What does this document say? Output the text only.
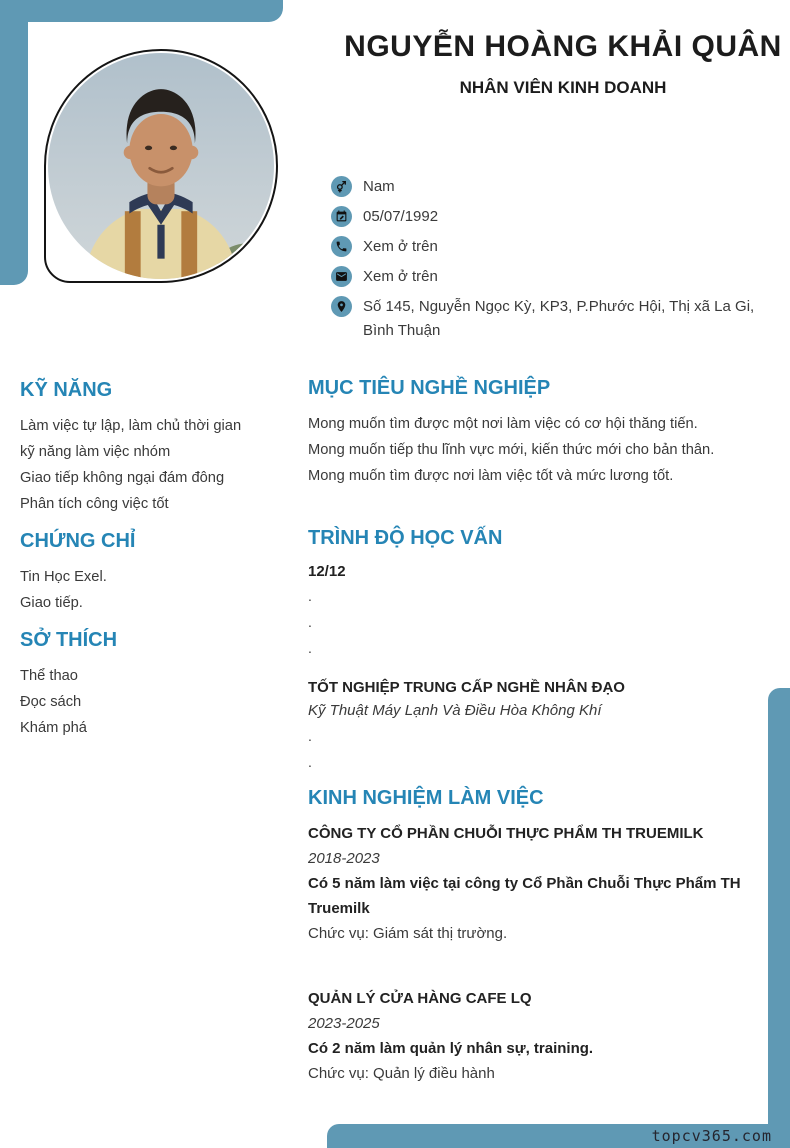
NGUYỄN HOÀNG KHẢI QUÂN
NHÂN VIÊN KINH DOANH
Nam
05/07/1992
Xem ở trên
Xem ở trên
Số 145, Nguyễn Ngọc Kỳ, KP3, P.Phước Hội, Thị xã La Gi, Bình Thuận
KỸ NĂNG
Làm việc tự lập, làm chủ thời gian
kỹ năng làm việc nhóm
Giao tiếp không ngại đám đông
Phân tích công việc tốt
CHỨNG CHỈ
Tin Học Exel.
Giao tiếp.
SỞ THÍCH
Thể thao
Đọc sách
Khám phá
MỤC TIÊU NGHỀ NGHIỆP
Mong muốn tìm được một nơi làm việc có cơ hội thăng tiến.
Mong muốn tiếp thu lĩnh vực mới, kiến thức mới cho bản thân.
Mong muốn tìm được nơi làm việc tốt và mức lương tốt.
TRÌNH ĐỘ HỌC VẤN
12/12
.
.
.
TỐT NGHIỆP TRUNG CẤP NGHỀ NHÂN ĐẠO
Kỹ Thuật Máy Lạnh Và Điều Hòa Không Khí
.
.
KINH NGHIỆM LÀM VIỆC
CÔNG TY CỔ PHẦN CHUỖI THỰC PHẨM TH TRUEMILK
2018-2023
Có 5 năm làm việc tại công ty Cổ Phần Chuỗi Thực Phẩm TH Truemilk
Chức vụ: Giám sát thị trường.
QUẢN LÝ CỬA HÀNG CAFE LQ
2023-2025
Có 2 năm làm quản lý nhân sự, training.
Chức vụ: Quản lý điều hành
topcv365.com
